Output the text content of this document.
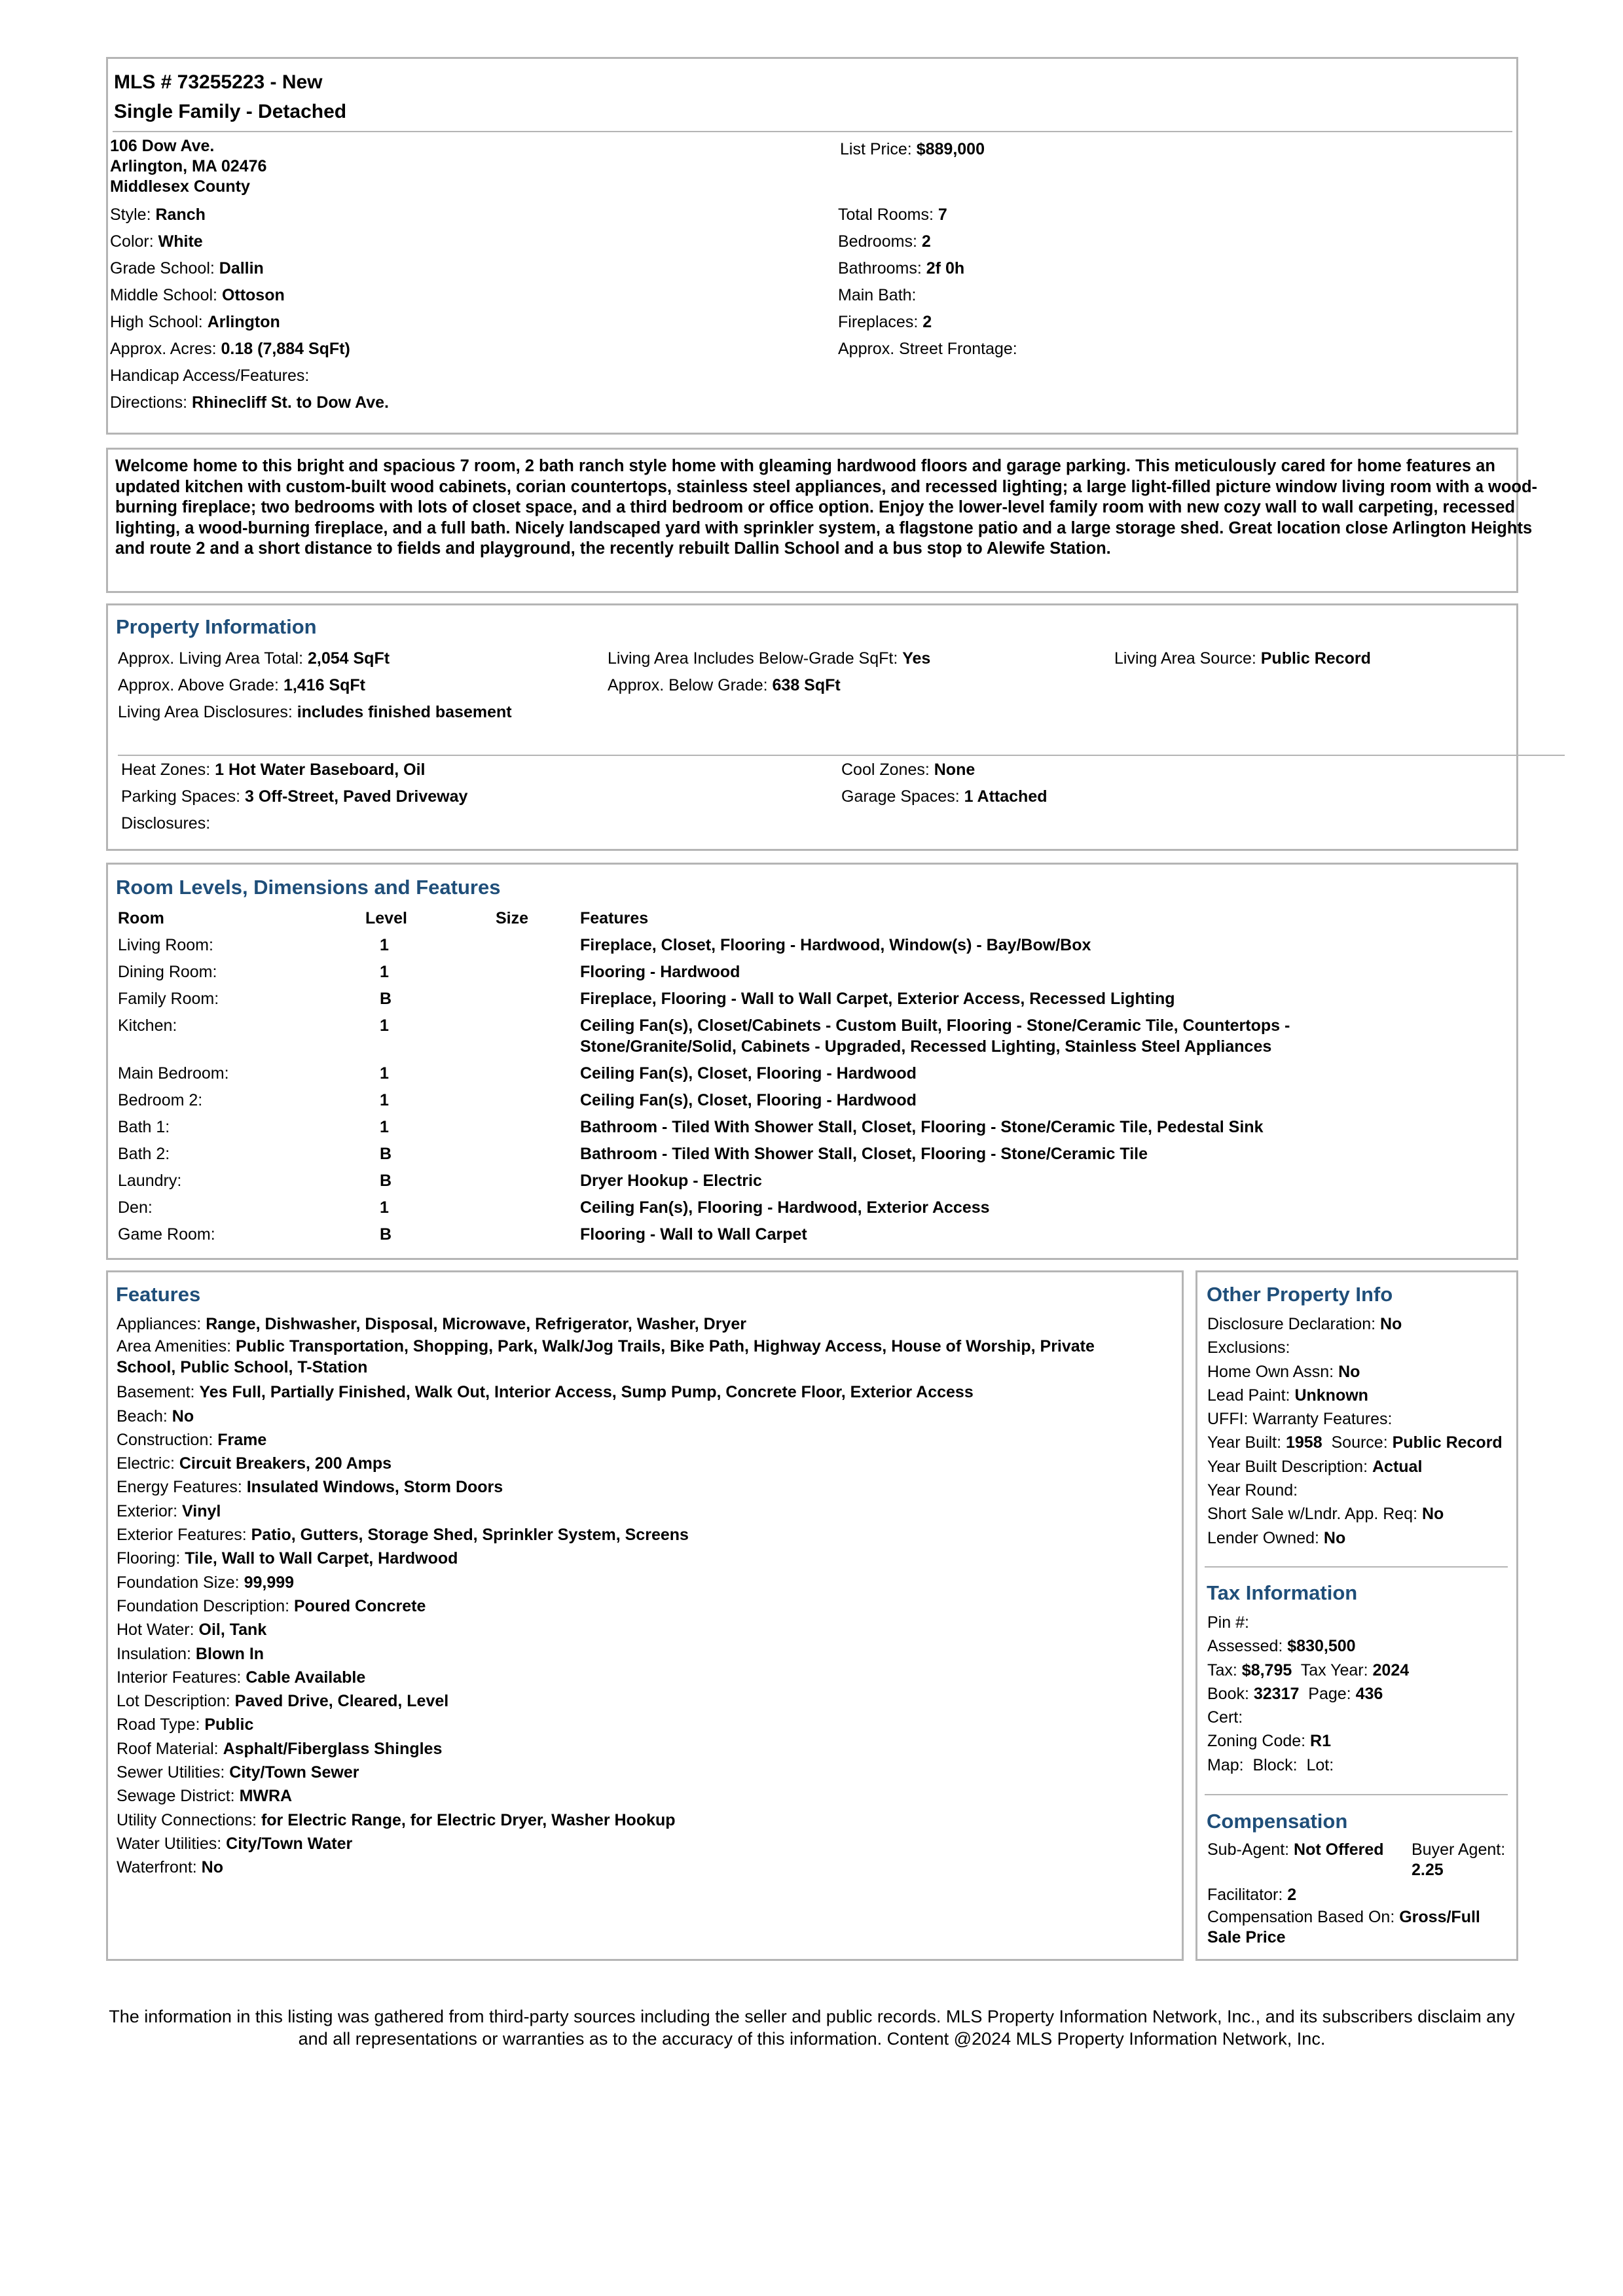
MLS # 73255223 - New
Single Family - Detached
106 Dow Ave.
Arlington, MA 02476
Middlesex County
List Price: $889,000
Style: Ranch
Color: White
Grade School: Dallin
Middle School: Ottoson
High School: Arlington
Approx. Acres: 0.18 (7,884 SqFt)
Handicap Access/Features:
Directions: Rhinecliff St. to Dow Ave.
Total Rooms: 7
Bedrooms: 2
Bathrooms: 2f 0h
Main Bath:
Fireplaces: 2
Approx. Street Frontage:
Welcome home to this bright and spacious 7 room, 2 bath ranch style home with gleaming hardwood floors and garage parking. This meticulously cared for home features an updated kitchen with custom-built wood cabinets, corian countertops, stainless steel appliances, and recessed lighting; a large light-filled picture window living room with a wood-burning fireplace; two bedrooms with lots of closet space, and a third bedroom or office option. Enjoy the lower-level family room with new cozy wall to wall carpeting, recessed lighting, a wood-burning fireplace, and a full bath. Nicely landscaped yard with sprinkler system, a flagstone patio and a large storage shed. Great location close Arlington Heights and route 2 and a short distance to fields and playground, the recently rebuilt Dallin School and a bus stop to Alewife Station.
Property Information
Approx. Living Area Total: 2,054 SqFt	Living Area Includes Below-Grade SqFt: Yes	Living Area Source: Public Record
Approx. Above Grade: 1,416 SqFt	Approx. Below Grade: 638 SqFt
Living Area Disclosures: includes finished basement
Heat Zones: 1 Hot Water Baseboard, Oil	Cool Zones: None
Parking Spaces: 3 Off-Street, Paved Driveway	Garage Spaces: 1 Attached
Disclosures:
Room Levels, Dimensions and Features
Room	Level	Size	Features
Living Room:	1	Fireplace, Closet, Flooring - Hardwood, Window(s) - Bay/Bow/Box
Dining Room:	1	Flooring - Hardwood
Family Room:	B	Fireplace, Flooring - Wall to Wall Carpet, Exterior Access, Recessed Lighting
Kitchen:	1	Ceiling Fan(s), Closet/Cabinets - Custom Built, Flooring - Stone/Ceramic Tile, Countertops - Stone/Granite/Solid, Cabinets - Upgraded, Recessed Lighting, Stainless Steel Appliances
Main Bedroom:	1	Ceiling Fan(s), Closet, Flooring - Hardwood
Bedroom 2:	1	Ceiling Fan(s), Closet, Flooring - Hardwood
Bath 1:	1	Bathroom - Tiled With Shower Stall, Closet, Flooring - Stone/Ceramic Tile, Pedestal Sink
Bath 2:	B	Bathroom - Tiled With Shower Stall, Closet, Flooring - Stone/Ceramic Tile
Laundry:	B	Dryer Hookup - Electric
Den:	1	Ceiling Fan(s), Flooring - Hardwood, Exterior Access
Game Room:	B	Flooring - Wall to Wall Carpet
Features
Appliances: Range, Dishwasher, Disposal, Microwave, Refrigerator, Washer, Dryer
Area Amenities: Public Transportation, Shopping, Park, Walk/Jog Trails, Bike Path, Highway Access, House of Worship, Private School, Public School, T-Station
Basement: Yes Full, Partially Finished, Walk Out, Interior Access, Sump Pump, Concrete Floor, Exterior Access
Beach: No
Construction: Frame
Electric: Circuit Breakers, 200 Amps
Energy Features: Insulated Windows, Storm Doors
Exterior: Vinyl
Exterior Features: Patio, Gutters, Storage Shed, Sprinkler System, Screens
Flooring: Tile, Wall to Wall Carpet, Hardwood
Foundation Size: 99,999
Foundation Description: Poured Concrete
Hot Water: Oil, Tank
Insulation: Blown In
Interior Features: Cable Available
Lot Description: Paved Drive, Cleared, Level
Road Type: Public
Roof Material: Asphalt/Fiberglass Shingles
Sewer Utilities: City/Town Sewer
Sewage District: MWRA
Utility Connections: for Electric Range, for Electric Dryer, Washer Hookup
Water Utilities: City/Town Water
Waterfront: No
Other Property Info
Disclosure Declaration: No
Exclusions:
Home Own Assn: No
Lead Paint: Unknown
UFFI: Warranty Features:
Year Built: 1958  Source: Public Record
Year Built Description: Actual
Year Round:
Short Sale w/Lndr. App. Req: No
Lender Owned: No
Tax Information
Pin #:
Assessed: $830,500
Tax: $8,795  Tax Year: 2024
Book: 32317  Page: 436
Cert:
Zoning Code: R1
Map:  Block:  Lot:
Compensation
Sub-Agent: Not Offered	Buyer Agent:
2.25
Facilitator: 2
Compensation Based On: Gross/Full Sale Price
The information in this listing was gathered from third-party sources including the seller and public records. MLS Property Information Network, Inc., and its subscribers disclaim any and all representations or warranties as to the accuracy of this information. Content @2024 MLS Property Information Network, Inc.
